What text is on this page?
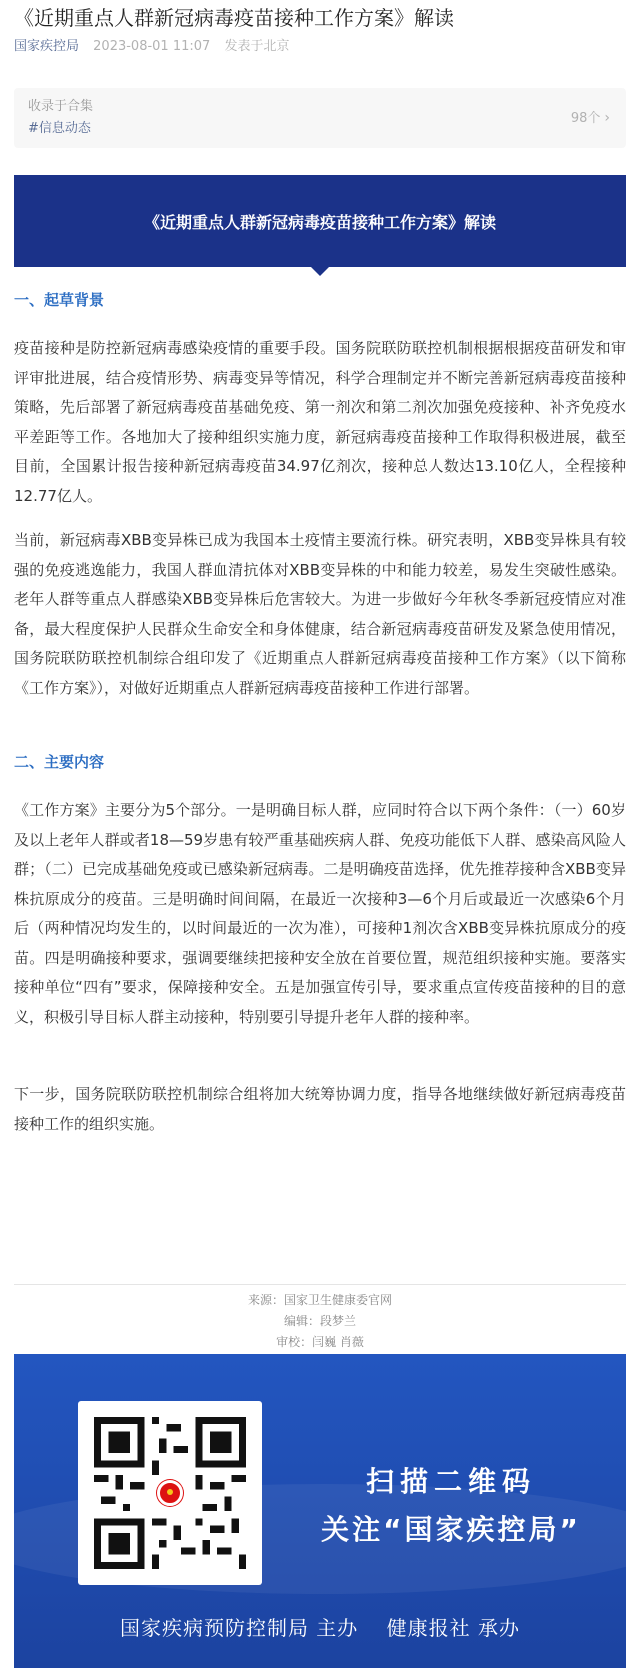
《近期重点人群新冠病毒疫苗接种工作方案》解读
国家疾控局 2023-08-01 11:07 发表于北京
收录于合集
#信息动态
98个 ›
《近期重点人群新冠病毒疫苗接种工作方案》解读
一、起草背景

疫苗接种是防控新冠病毒感染疫情的重要手段。国务院联防联控机制根据根据疫苗研发和审评审批进展，结合疫情形势、病毒变异等情况，科学合理制定并不断完善新冠病毒疫苗接种策略，先后部署了新冠病毒疫苗基础免疫、第一剂次和第二剂次加强免疫接种、补齐免疫水平差距等工作。各地加大了接种组织实施力度，新冠病毒疫苗接种工作取得积极进展，截至目前，全国累计报告接种新冠病毒疫苗34.97亿剂次，接种总人数达13.10亿人，全程接种12.77亿人。

当前，新冠病毒XBB变异株已成为我国本土疫情主要流行株。研究表明，XBB变异株具有较强的免疫逃逸能力，我国人群血清抗体对XBB变异株的中和能力较差，易发生突破性感染。老年人群等重点人群感染XBB变异株后危害较大。为进一步做好今年秋冬季新冠疫情应对准备，最大程度保护人民群众生命安全和身体健康，结合新冠病毒疫苗研发及紧急使用情况，国务院联防联控机制综合组印发了《近期重点人群新冠病毒疫苗接种工作方案》（以下简称《工作方案》），对做好近期重点人群新冠病毒疫苗接种工作进行部署。

二、主要内容

《工作方案》主要分为5个部分。一是明确目标人群，应同时符合以下两个条件：（一）60岁及以上老年人群或者18—59岁患有较严重基础疾病人群、免疫功能低下人群、感染高风险人群；（二）已完成基础免疫或已感染新冠病毒。二是明确疫苗选择，优先推荐接种含XBB变异株抗原成分的疫苗。三是明确时间间隔，在最近一次接种3—6个月后或最近一次感染6个月后（两种情况均发生的，以时间最近的一次为准），可接种1剂次含XBB变异株抗原成分的疫苗。四是明确接种要求，强调要继续把接种安全放在首要位置，规范组织接种实施。要落实接种单位“四有”要求，保障接种安全。五是加强宣传引导，要求重点宣传疫苗接种的目的意义，积极引导目标人群主动接种，特别要引导提升老年人群的接种率。

下一步，国务院联防联控机制综合组将加大统筹协调力度，指导各地继续做好新冠病毒疫苗接种工作的组织实施。

来源：国家卫生健康委官网
编辑：段梦兰
审校：闫巍 肖薇
扫描二维码
关注“国家疾控局”
国家疾病预防控制局 主办　 健康报社 承办
